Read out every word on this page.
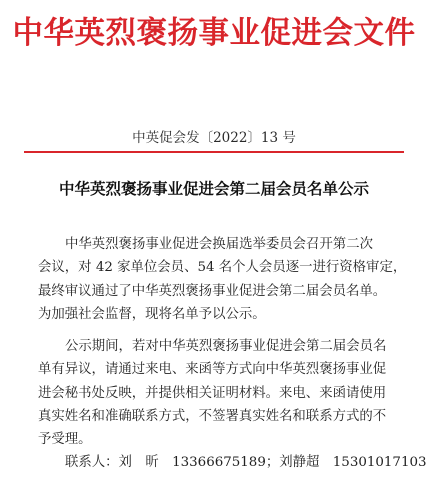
中华英烈褒扬事业促进会文件
中英促会发〔2022〕13 号
中华英烈褒扬事业促进会第二届会员名单公示
中华英烈褒扬事业促进会换届选举委员会召开第二次
会议，对 42 家单位会员、54 名个人会员逐一进行资格审定，
最终审议通过了中华英烈褒扬事业促进会第二届会员名单。
为加强社会监督，现将名单予以公示。
公示期间，若对中华英烈褒扬事业促进会第二届会员名
单有异议，请通过来电、来函等方式向中华英烈褒扬事业促
进会秘书处反映，并提供相关证明材料。来电、来函请使用
真实姓名和准确联系方式，不签署真实姓名和联系方式的不
予受理。
联系人：刘　昕　13366675189；刘静超　15301017103
